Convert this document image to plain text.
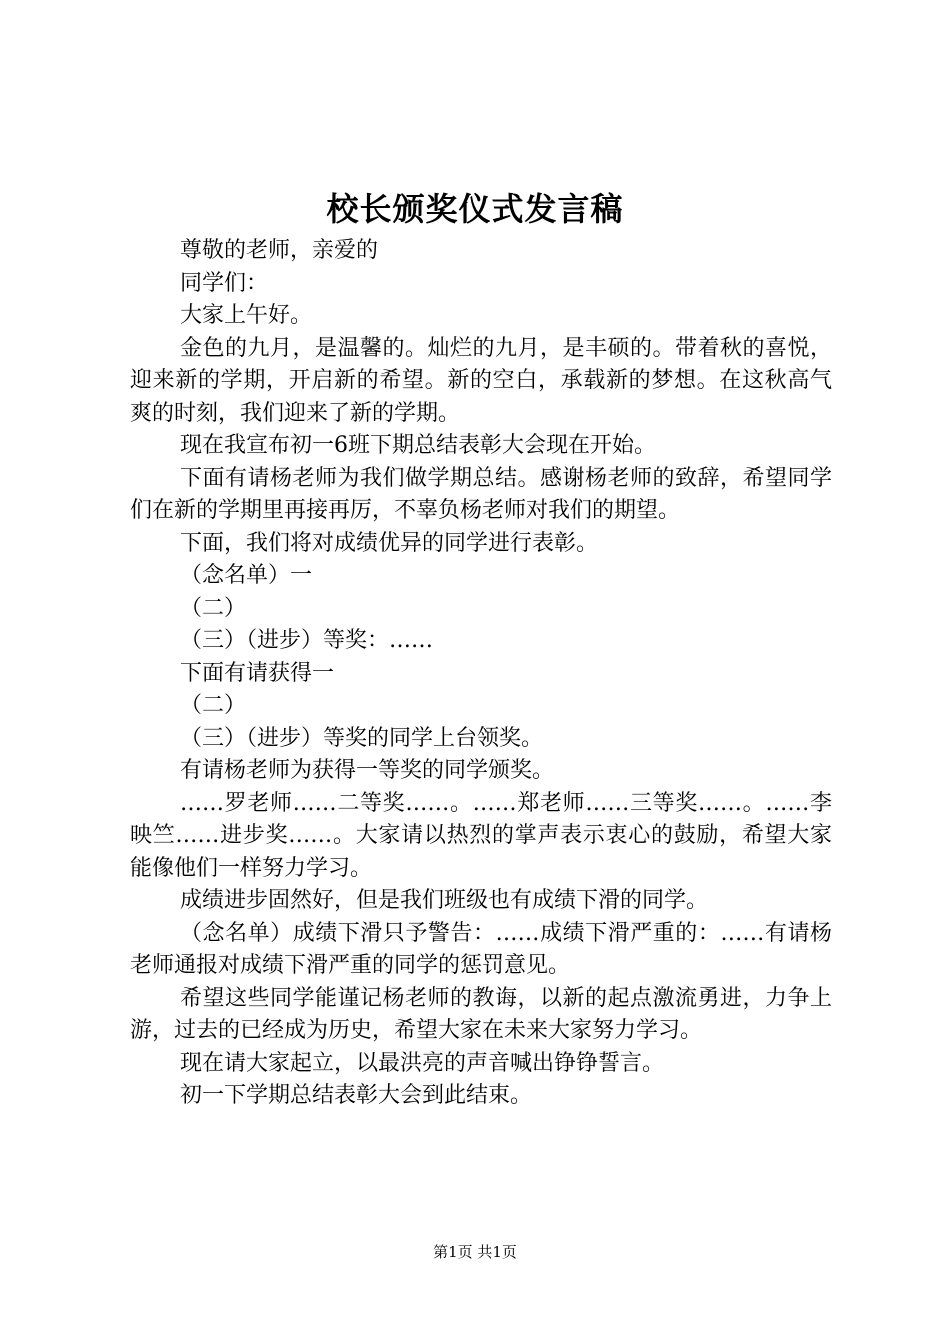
校长颁奖仪式发言稿

尊敬的老师，亲爱的

同学们：

大家上午好。

金色的九月，是温馨的。灿烂的九月，是丰硕的。带着秋的喜悦，迎来新的学期，开启新的希望。新的空白，承载新的梦想。在这秋高气爽的时刻，我们迎来了新的学期。

现在我宣布初一6班下期总结表彰大会现在开始。

下面有请杨老师为我们做学期总结。感谢杨老师的致辞，希望同学们在新的学期里再接再厉，不辜负杨老师对我们的期望。

下面，我们将对成绩优异的同学进行表彰。

（念名单）一

（二）

（三）（进步）等奖：……

下面有请获得一

（二）

（三）（进步）等奖的同学上台领奖。

有请杨老师为获得一等奖的同学颁奖。

……罗老师……二等奖……。……郑老师……三等奖……。……李映竺……进步奖……。大家请以热烈的掌声表示衷心的鼓励，希望大家能像他们一样努力学习。

成绩进步固然好，但是我们班级也有成绩下滑的同学。

（念名单）成绩下滑只予警告：……成绩下滑严重的：……有请杨老师通报对成绩下滑严重的同学的惩罚意见。

希望这些同学能谨记杨老师的教诲，以新的起点激流勇进，力争上游，过去的已经成为历史，希望大家在未来大家努力学习。

现在请大家起立，以最洪亮的声音喊出铮铮誓言。

初一下学期总结表彰大会到此结束。

第1页 共1页
